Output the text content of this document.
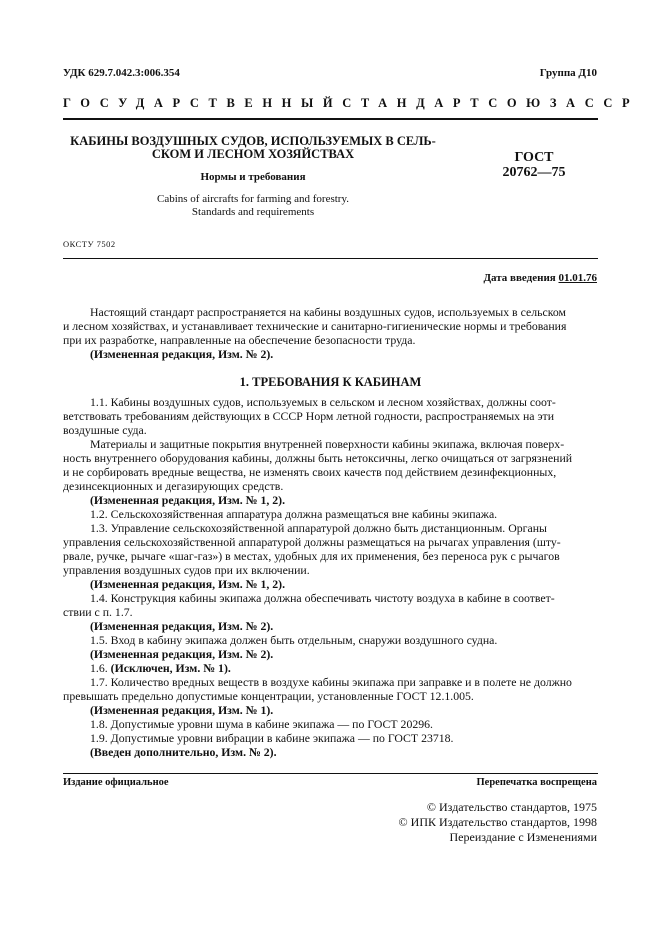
УДК 629.7.042.3:006.354	Группа Д10
ГОСУДАРСТВЕННЫЙ СТАНДАРТ СОЮЗА ССР
КАБИНЫ ВОЗДУШНЫХ СУДОВ, ИСПОЛЬЗУЕМЫХ В СЕЛЬ-
СКОМ И ЛЕСНОМ ХОЗЯЙСТВАХ
Нормы и требования
Cabins of aircrafts for farming and forestry.
Standards and requirements
ГОСТ
20762—75
ОКСТУ 7502
Дата введения 01.01.76
Настоящий стандарт распространяется на кабины воздушных судов, используемых в сельском
и лесном хозяйствах, и устанавливает технические и санитарно-гигиенические нормы и требования
при их разработке, направленные на обеспечение безопасности труда.
(Измененная редакция, Изм. № 2).
1. ТРЕБОВАНИЯ К КАБИНАМ
1.1. Кабины воздушных судов, используемых в сельском и лесном хозяйствах, должны соот-
ветствовать требованиям действующих в СССР Норм летной годности, распространяемых на эти
воздушные суда.
Материалы и защитные покрытия внутренней поверхности кабины экипажа, включая поверх-
ность внутреннего оборудования кабины, должны быть нетоксичны, легко очищаться от загрязнений
и не сорбировать вредные вещества, не изменять своих качеств под действием дезинфекционных,
дезинсекционных и дегазирующих средств.
(Измененная редакция, Изм. № 1, 2).
1.2. Сельскохозяйственная аппаратура должна размещаться вне кабины экипажа.
1.3. Управление сельскохозяйственной аппаратурой должно быть дистанционным. Органы
управления сельскохозяйственной аппаратурой должны размещаться на рычагах управления (шту-
рвале, ручке, рычаге «шаг-газ») в местах, удобных для их применения, без переноса рук с рычагов
управления воздушных судов при их включении.
(Измененная редакция, Изм. № 1, 2).
1.4. Конструкция кабины экипажа должна обеспечивать чистоту воздуха в кабине в соответ-
ствии с п. 1.7.
(Измененная редакция, Изм. № 2).
1.5. Вход в кабину экипажа должен быть отдельным, снаружи воздушного судна.
(Измененная редакция, Изм. № 2).
1.6. (Исключен, Изм. № 1).
1.7. Количество вредных веществ в воздухе кабины экипажа при заправке и в полете не должно
превышать предельно допустимые концентрации, установленные ГОСТ 12.1.005.
(Измененная редакция, Изм. № 1).
1.8. Допустимые уровни шума в кабине экипажа — по ГОСТ 20296.
1.9. Допустимые уровни вибрации в кабине экипажа — по ГОСТ 23718.
(Введен дополнительно, Изм. № 2).
Издание официальное	Перепечатка воспрещена
© Издательство стандартов, 1975
© ИПК Издательство стандартов, 1998
Переиздание с Изменениями
